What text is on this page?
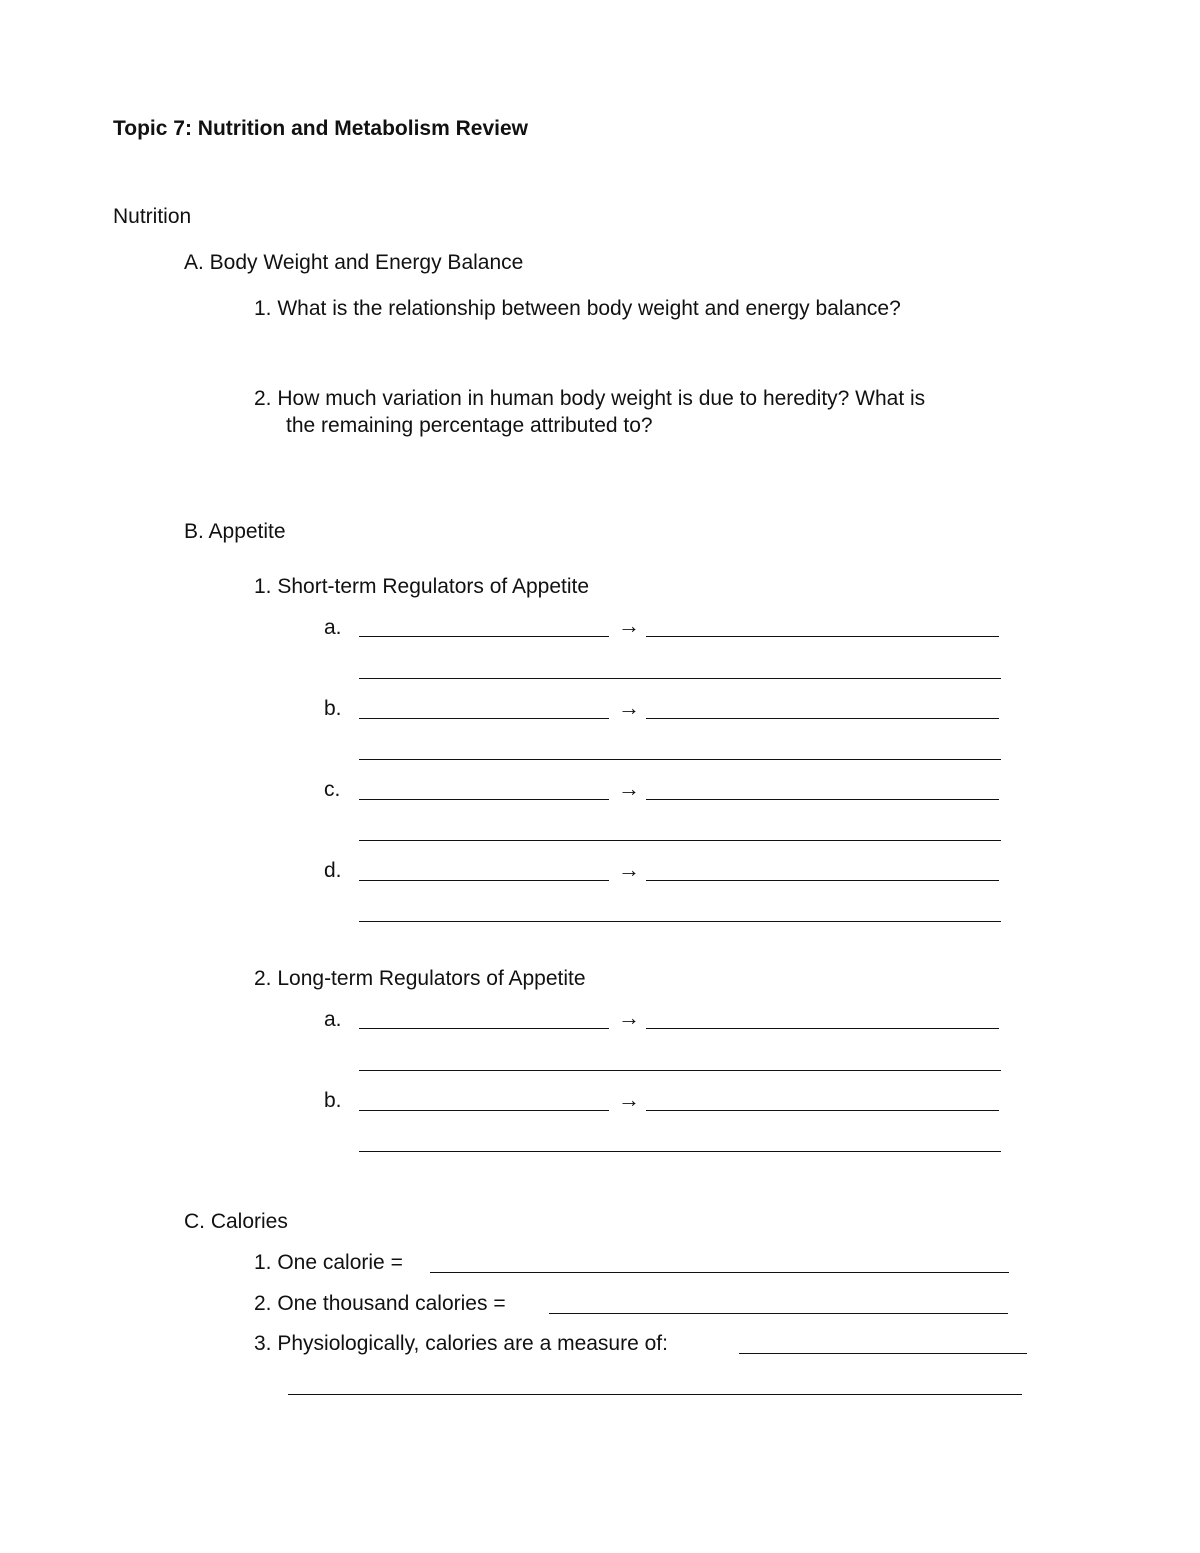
Topic 7: Nutrition and Metabolism Review
Nutrition
A. Body Weight and Energy Balance
1. What is the relationship between body weight and energy balance?
2. How much variation in human body weight is due to heredity? What is
the remaining percentage attributed to?
B. Appetite
1. Short-term Regulators of Appetite
a.	→
b.	→
c.	→
d.	→
2. Long-term Regulators of Appetite
a.	→
b.	→
C. Calories
1. One calorie =
2. One thousand calories =
3. Physiologically, calories are a measure of:
